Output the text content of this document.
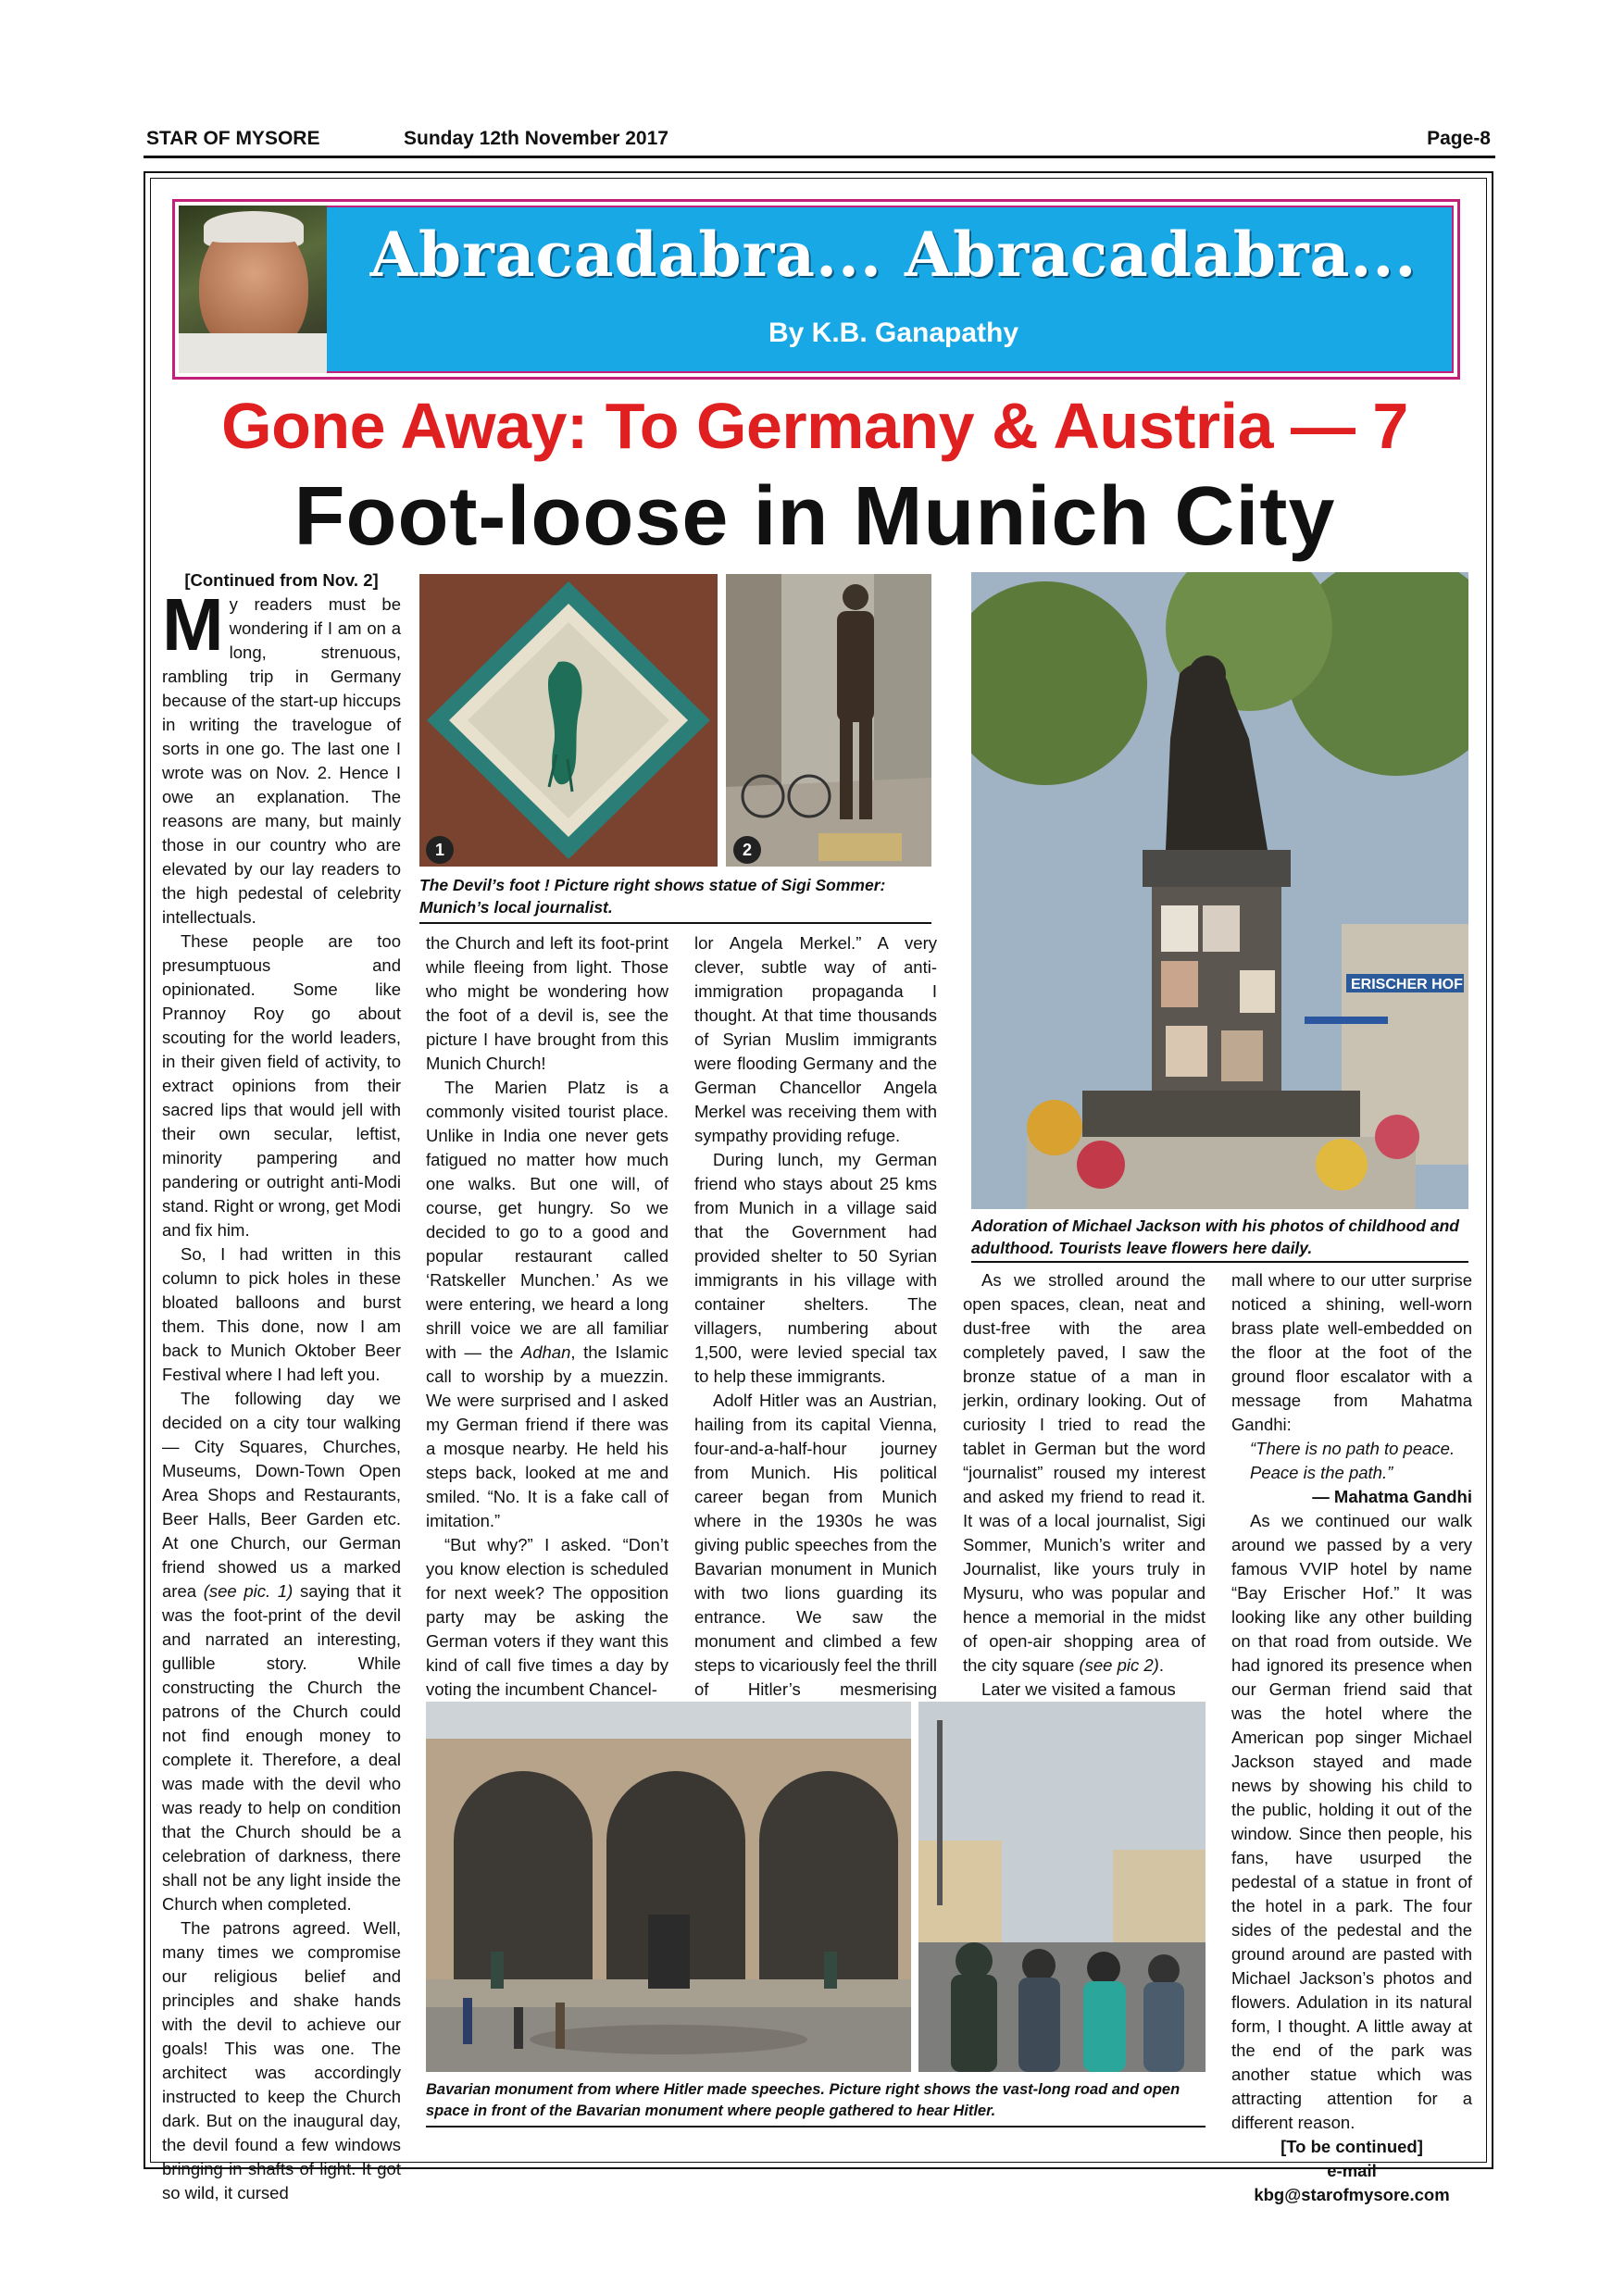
STAR OF MYSORE	Sunday 12th November 2017	Page-8
Abracadabra... Abracadabra...
By K.B. Ganapathy
Gone Away: To Germany & Austria — 7
Foot-loose in Munich City
[Continued from Nov. 2]

My readers must be wondering if I am on a long, strenuous, rambling trip in Germany because of the start-up hiccups in writing the travelogue of sorts in one go. The last one I wrote was on Nov. 2. Hence I owe an explanation. The reasons are many, but mainly those in our country who are elevated by our lay readers to the high pedestal of celebrity intellectuals.

These people are too presumptuous and opinionated. Some like Prannoy Roy go about scouting for the world leaders, in their given field of activity, to extract opinions from their sacred lips that would jell with their own secular, leftist, minority pampering and pandering or outright anti-Modi stand. Right or wrong, get Modi and fix him.

So, I had written in this column to pick holes in these bloated balloons and burst them. This done, now I am back to Munich Oktober Beer Festival where I had left you.

The following day we decided on a city tour walking — City Squares, Churches, Museums, Down-Town Open Area Shops and Restaurants, Beer Halls, Beer Garden etc. At one Church, our German friend showed us a marked area (see pic. 1) saying that it was the foot-print of the devil and narrated an interesting, gullible story. While constructing the Church the patrons of the Church could not find enough money to complete it. Therefore, a deal was made with the devil who was ready to help on condition that the Church should be a celebration of darkness, there shall not be any light inside the Church when completed.

The patrons agreed. Well, many times we compromise our religious belief and principles and shake hands with the devil to achieve our goals! This was one. The architect was accordingly instructed to keep the Church dark. But on the inaugural day, the devil found a few windows bringing in shafts of light. It got so wild, it cursed

1	2
The Devil’s foot ! Picture right shows statue of Sigi Sommer: Munich’s local journalist.
ERISCHER HOF
Adoration of Michael Jackson with his photos of childhood and adulthood. Tourists leave flowers here daily.

the Church and left its foot-print while fleeing from light. Those who might be wondering how the foot of a devil is, see the picture I have brought from this Munich Church!

The Marien Platz is a commonly visited tourist place. Unlike in India one never gets fatigued no matter how much one walks. But one will, of course, get hungry. So we decided to go to a good and popular restaurant called ‘Ratskeller Munchen.’ As we were entering, we heard a long shrill voice we are all familiar with — the Adhan, the Islamic call to worship by a muezzin. We were surprised and I asked my German friend if there was a mosque nearby. He held his steps back, looked at me and smiled. “No. It is a fake call of imitation.”

“But why?” I asked. “Don’t you know election is scheduled for next week? The opposition party may be asking the German voters if they want this kind of call five times a day by voting the incumbent Chancel-

lor Angela Merkel.” A very clever, subtle way of anti-immigration propaganda I thought. At that time thousands of Syrian Muslim immigrants were flooding Germany and the German Chancellor Angela Merkel was receiving them with sympathy providing refuge.

During lunch, my German friend who stays about 25 kms from Munich in a village said that the Government had provided shelter to 50 Syrian immigrants in his village with container shelters. The villagers, numbering about 1,500, were levied special tax to help these immigrants.

Adolf Hitler was an Austrian, hailing from its capital Vienna, four-and-a-half-hour journey from Munich. His political career began from Munich where in the 1930s he was giving public speeches from the Bavarian monument in Munich with two lions guarding its entrance. We saw the monument and climbed a few steps to vicariously feel the thrill of Hitler’s mesmerising

As we strolled around the open spaces, clean, neat and dust-free with the area completely paved, I saw the bronze statue of a man in jerkin, ordinary looking. Out of curiosity I tried to read the tablet in German but the word “journalist” roused my interest and asked my friend to read it. It was of a local journalist, Sigi Sommer, Munich’s writer and Journalist, like yours truly in Mysuru, who was popular and hence a memorial in the midst of open-air shopping area of the city square (see pic 2).

Later we visited a famous

mall where to our utter surprise noticed a shining, well-worn brass plate well-embedded on the floor at the foot of the ground floor escalator with a message from Mahatma Gandhi:

“There is no path to peace.

Peace is the path.”

— Mahatma Gandhi

As we continued our walk around we passed by a very famous VVIP hotel by name “Bay Erischer Hof.” It was looking like any other building on that road from outside. We had ignored its presence when our German friend said that was the hotel where the American pop singer Michael Jackson stayed and made news by showing his child to the public, holding it out of the window. Since then people, his fans, have usurped the pedestal of a statue in front of the hotel in a park. The four sides of the pedestal and the ground around are pasted with Michael Jackson’s photos and flowers. Adulation in its natural form, I thought. A little away at the end of the park was another statue which was attracting attention for a different reason.

[To be continued]

e-mail

kbg@starofmysore.com

Bavarian monument from where Hitler made speeches. Picture right shows the vast-long road and open space in front of the Bavarian monument where people gathered to hear Hitler.
